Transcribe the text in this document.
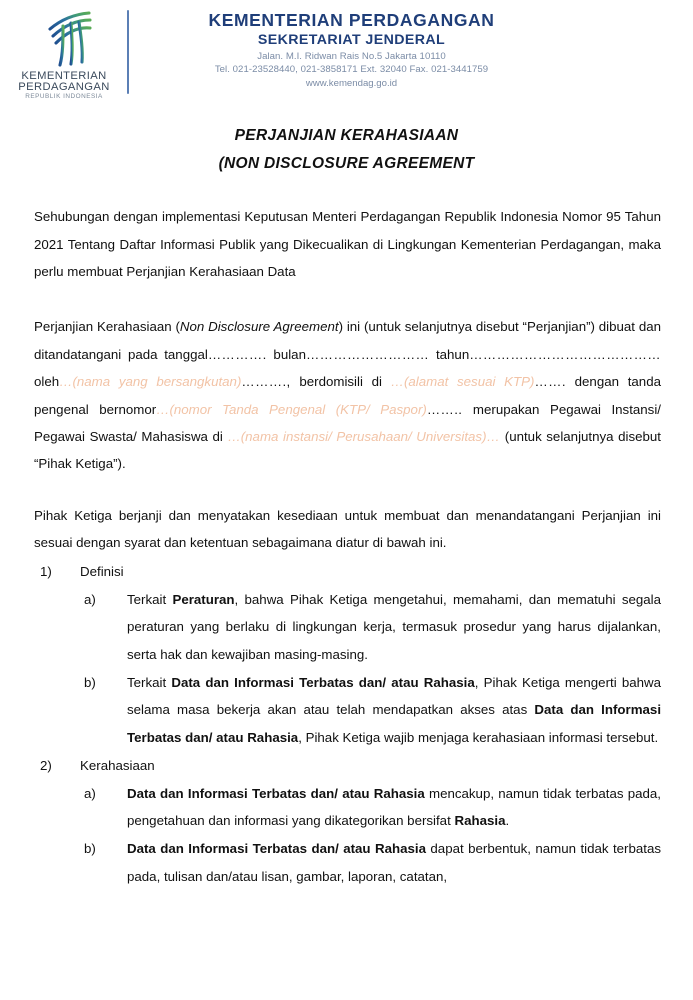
KEMENTERIAN
PERDAGANGAN
REPUBLIK INDONESIA
KEMENTERIAN PERDAGANGAN
SEKRETARIAT JENDERAL
Jalan. M.I. Ridwan Rais No.5 Jakarta 10110
Tel. 021-23528440, 021-3858171 Ext. 32040 Fax. 021-3441759
www.kemendag.go.id
PERJANJIAN KERAHASIAAN
(NON DISCLOSURE AGREEMENT

Sehubungan dengan implementasi Keputusan Menteri Perdagangan Republik Indonesia Nomor 95 Tahun 2021 Tentang Daftar Informasi Publik yang Dikecualikan di Lingkungan Kementerian Perdagangan, maka perlu membuat Perjanjian Kerahasiaan Data

Perjanjian Kerahasiaan (Non Disclosure Agreement) ini (untuk selanjutnya disebut “Perjanjian”) dibuat dan ditandatangani pada tanggal…………. bulan……………………… tahun…………………………………… oleh…(nama yang bersangkutan)………., berdomisili di …(alamat sesuai KTP)……. dengan tanda pengenal bernomor…(nomor Tanda Pengenal (KTP/ Paspor)…….. merupakan Pegawai Instansi/ Pegawai Swasta/ Mahasiswa di …(nama instansi/ Perusahaan/ Universitas)… (untuk selanjutnya disebut “Pihak Ketiga”).

Pihak Ketiga berjanji dan menyatakan kesediaan untuk membuat dan menandatangani Perjanjian ini sesuai dengan syarat dan ketentuan sebagaimana diatur di bawah ini.

1) Definisi
a) Terkait Peraturan, bahwa Pihak Ketiga mengetahui, memahami, dan mematuhi segala peraturan yang berlaku di lingkungan kerja, termasuk prosedur yang harus dijalankan, serta hak dan kewajiban masing-masing.

b) Terkait Data dan Informasi Terbatas dan/ atau Rahasia, Pihak Ketiga mengerti bahwa selama masa bekerja akan atau telah mendapatkan akses atas Data dan Informasi Terbatas dan/ atau Rahasia, Pihak Ketiga wajib menjaga kerahasiaan informasi tersebut.

2) Kerahasiaan
a) Data dan Informasi Terbatas dan/ atau Rahasia mencakup, namun tidak terbatas pada, pengetahuan dan informasi yang dikategorikan bersifat Rahasia.

b) Data dan Informasi Terbatas dan/ atau Rahasia dapat berbentuk, namun tidak terbatas pada, tulisan dan/atau lisan, gambar, laporan, catatan,
